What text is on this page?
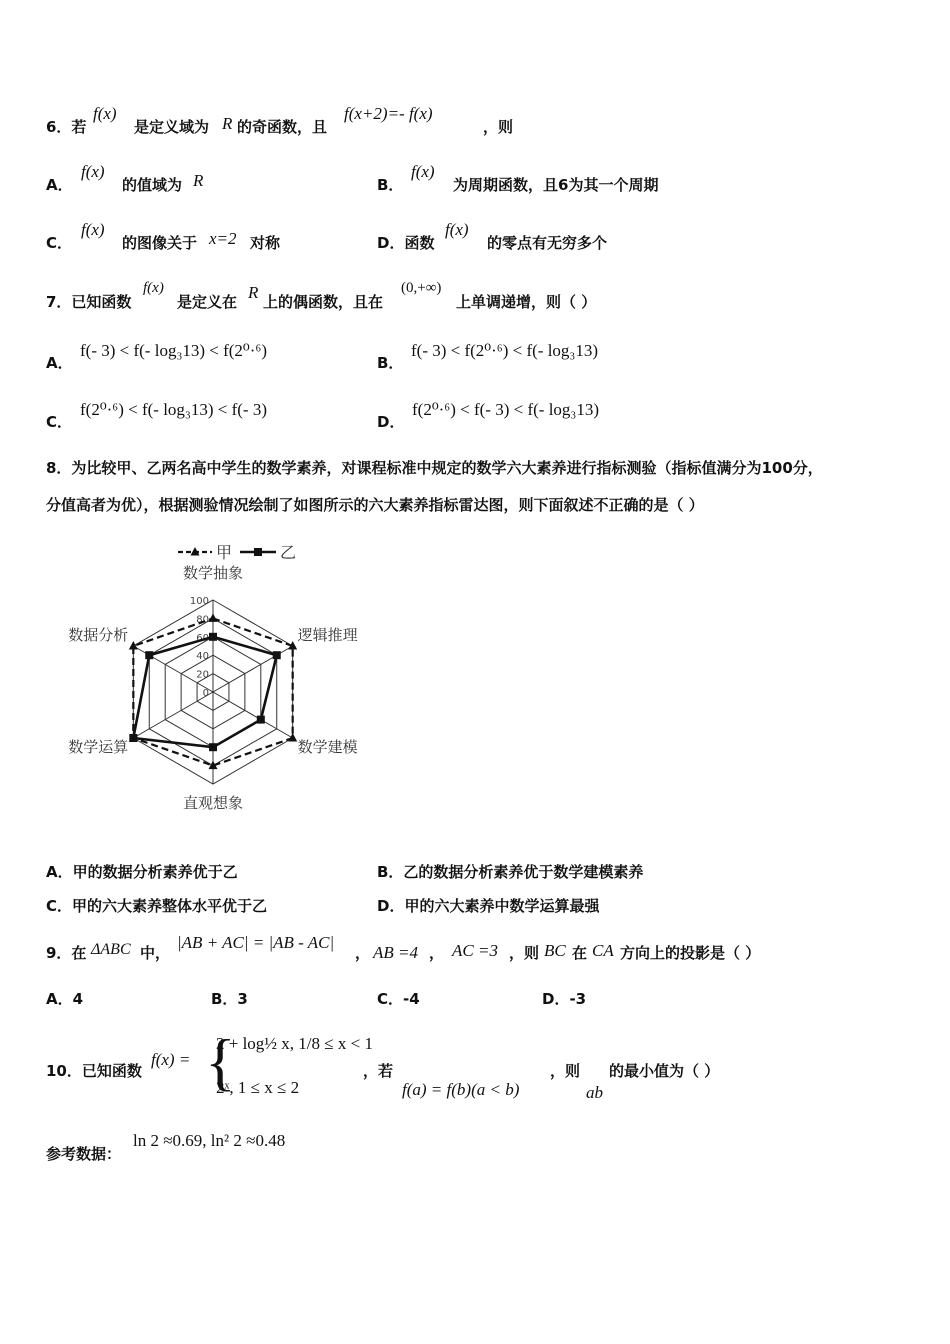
6．若
f(x)
是定义域为 R 的奇函数，且
f(x+2)=- f(x)
，则
A．
f(x)
的值域为 R	B．
f(x)
为周期函数，且6为其一个周期
C．
f(x)
的图像关于 x=2 对称	D．函数
f(x)
的零点有无穷多个
7．已知函数
f(x)
是定义在 R 上的偶函数，且在
(0,+∞)
上单调递增，则（ ）
A．
f(- 3) < f(- log₃13) < f(2⁰·⁶)
B．
f(- 3) < f(2⁰·⁶) < f(- log₃13)
C．
f(2⁰·⁶) < f(- log₃13) < f(- 3)
D．
f(2⁰·⁶) < f(- 3) < f(- log₃13)
8．为比较甲、乙两名高中学生的数学素养，对课程标准中规定的数学六大素养进行指标测验（指标值满分为100分，
分值高者为优），根据测验情况绘制了如图所示的六大素养指标雷达图，则下面叙述不正确的是（ ）
100
80
60
40
20
0
数学抽象
逻辑推理
数学建模
直观想象
数学运算
数据分析
甲	乙
A．甲的数据分析素养优于乙	B．乙的数据分析素养优于数学建模素养
C．甲的六大素养整体水平优于乙	D．甲的六大素养中数学运算最强
9．在 ΔABC 中，
|AB + AC| = |AB - AC|
， AB =4 ， AC =3 ，则 BC 在 CA 方向上的投影是（ ）
A．4	B．3	C．-4	D．-3
10．已知函数
f(x) = {
2 + log½ x, 1/8 ≤ x < 1
2ˣ, 1 ≤ x ≤ 2
，若
f(a) = f(b)(a < b)
，则
ab
的最小值为（ ）
参考数据：
ln 2 ≈0.69, ln² 2 ≈0.48
